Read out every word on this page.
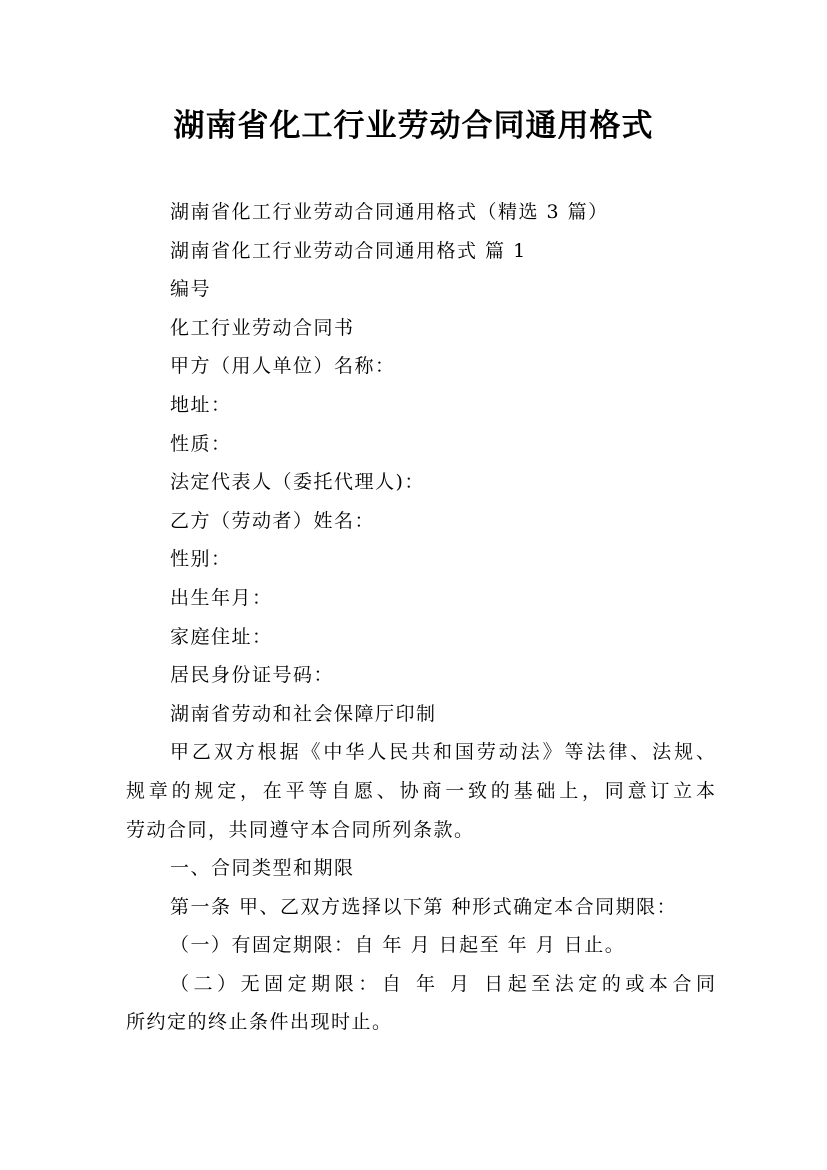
湖南省化工行业劳动合同通用格式
湖南省化工行业劳动合同通用格式（精选 3 篇）
湖南省化工行业劳动合同通用格式 篇 1
编号
化工行业劳动合同书
甲方（用人单位）名称：
地址：
性质：
法定代表人（委托代理人)：
乙方（劳动者）姓名：
性别：
出生年月：
家庭住址：
居民身份证号码：
湖南省劳动和社会保障厅印制
甲乙双方根据《中华人民共和国劳动法》等法律、法规、
规章的规定，在平等自愿、协商一致的基础上，同意订立本
劳动合同，共同遵守本合同所列条款。
一、合同类型和期限
第一条 甲、乙双方选择以下第 种形式确定本合同期限：
（一）有固定期限：自 年 月 日起至 年 月 日止。
（二）无固定期限：自 年 月 日起至法定的或本合同
所约定的终止条件出现时止。
